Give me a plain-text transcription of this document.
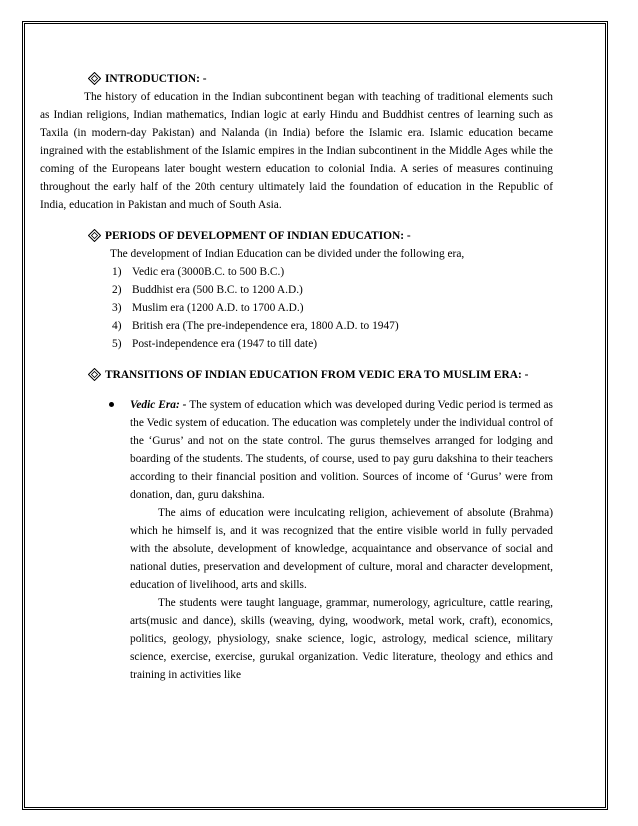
INTRODUCTION: -

The history of education in the Indian subcontinent began with teaching of traditional elements such as Indian religions, Indian mathematics, Indian logic at early Hindu and Buddhist centres of learning such as Taxila (in modern-day Pakistan) and Nalanda (in India) before the Islamic era. Islamic education became ingrained with the establishment of the Islamic empires in the Indian subcontinent in the Middle Ages while the coming of the Europeans later bought western education to colonial India. A series of measures continuing throughout the early half of the 20th century ultimately laid the foundation of education in the Republic of India, education in Pakistan and much of South Asia.

PERIODS OF DEVELOPMENT OF INDIAN EDUCATION: -

The development of Indian Education can be divided under the following era,

1) Vedic era (3000B.C. to 500 B.C.)
2) Buddhist era (500 B.C. to 1200 A.D.)
3) Muslim era (1200 A.D. to 1700 A.D.)
4) British era (The pre-independence era, 1800 A.D. to 1947)
5) Post-independence era (1947 to till date)
TRANSITIONS OF INDIAN EDUCATION FROM VEDIC ERA TO MUSLIM ERA: -

Vedic Era: - The system of education which was developed during Vedic period is termed as the Vedic system of education. The education was completely under the individual control of the ‘Gurus’ and not on the state control. The gurus themselves arranged for lodging and boarding of the students. The students, of course, used to pay guru dakshina to their teachers according to their financial position and volition. Sources of income of ‘Gurus’ were from donation, dan, guru dakshina.

The aims of education were inculcating religion, achievement of absolute (Brahma) which he himself is, and it was recognized that the entire visible world in fully pervaded with the absolute, development of knowledge, acquaintance and observance of social and national duties, preservation and development of culture, moral and character development, education of livelihood, arts and skills.

The students were taught language, grammar, numerology, agriculture, cattle rearing, arts(music and dance), skills (weaving, dying, woodwork, metal work, craft), economics, politics, geology, physiology, snake science, logic, astrology, medical science, military science, exercise, exercise, gurukal organization. Vedic literature, theology and ethics and training in activities like
